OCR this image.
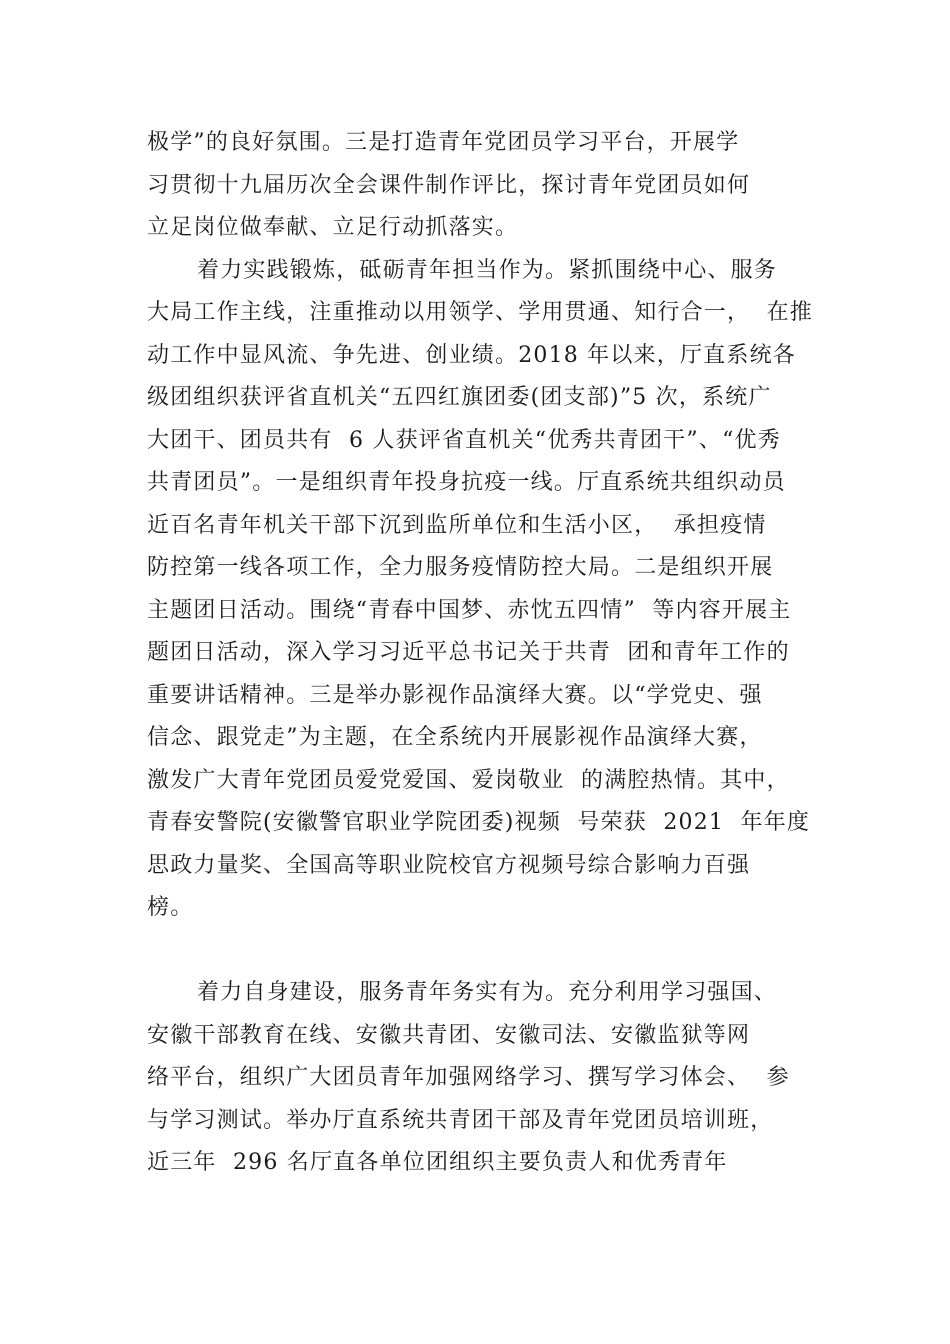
极学”的良好氛围。三是打造青年党团员学习平台，开展学
习贯彻十九届历次全会课件制作评比，探讨青年党团员如何
立足岗位做奉献、立足行动抓落实。
着力实践锻炼，砥砺青年担当作为。紧抓围绕中心、服务
大局工作主线，注重推动以用领学、学用贯通、知行合一，  在推
动工作中显风流、争先进、创业绩。2018 年以来，厅直系统各
级团组织获评省直机关“五四红旗团委(团支部)”5 次，系统广
大团干、团员共有  6 人获评省直机关“优秀共青团干”、“优秀
共青团员”。一是组织青年投身抗疫一线。厅直系统共组织动员
近百名青年机关干部下沉到监所单位和生活小区，  承担疫情
防控第一线各项工作，全力服务疫情防控大局。二是组织开展
主题团日活动。围绕“青春中国梦、赤忱五四情”  等内容开展主
题团日活动，深入学习习近平总书记关于共青  团和青年工作的
重要讲话精神。三是举办影视作品演绎大赛。以“学党史、强
信念、跟党走”为主题，在全系统内开展影视作品演绎大赛，
激发广大青年党团员爱党爱国、爱岗敬业  的满腔热情。其中，
青春安警院(安徽警官职业学院团委)视频  号荣获  2021  年年度
思政力量奖、全国高等职业院校官方视频号综合影响力百强
榜。
着力自身建设，服务青年务实有为。充分利用学习强国、
安徽干部教育在线、安徽共青团、安徽司法、安徽监狱等网
络平台，组织广大团员青年加强网络学习、撰写学习体会、  参
与学习测试。举办厅直系统共青团干部及青年党团员培训班，
近三年  296 名厅直各单位团组织主要负责人和优秀青年
